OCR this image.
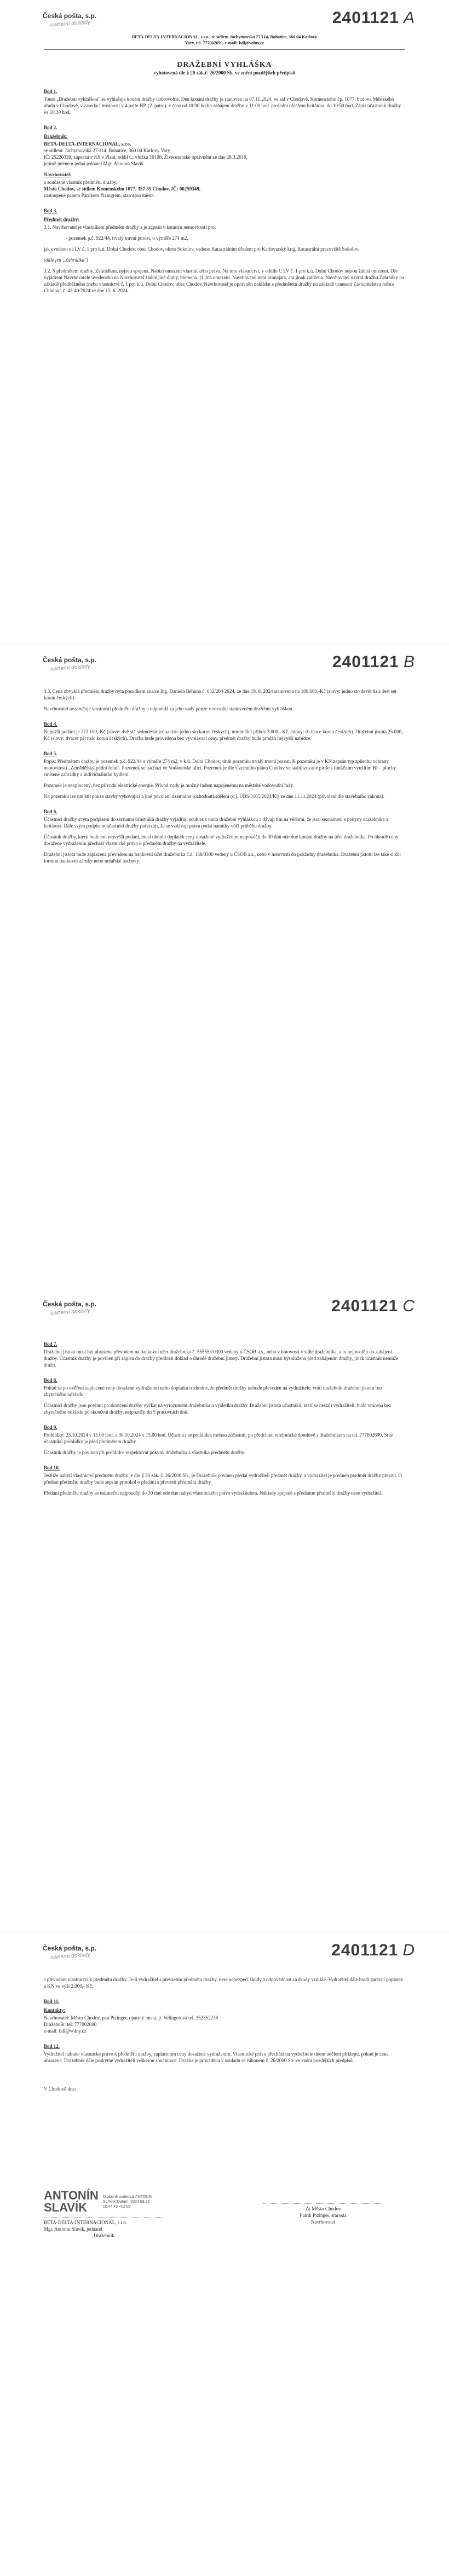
Česká pošta, s.p.
ownerní doklady	2401121 A
BETA-DELTA-INTERNACIONAL, s.r.o., se sídlem Jáchymovská 27/114, Bohatice, 360 04 Karlovy
Vary, tel. 777002690, e-mail: bdi@volny.cz
DRAŽEBNÍ VYHLÁŠKA
vyhotovená dle § 20 zák.č. 26/2000 Sb. ve znění pozdějších předpisů
Bod 1.

Touto „Dražební vyhláškou" se vyhlašuje konání dražby dobrovolné. Den konání dražby je stanoven na 07.11.2024, ve sál v Chodově, Komenského čp. 1077, budova Městského úřadu v Chodově, v zasedací místnosti v 4.patře NP, (2. patro), v čase od 10:00 hodin zahájení dražby v 11:00 hod. poslední ohlášení licitátora, do 10:50 hod. Zápis účastníků dražby ve 10.30 hod.

Bod 2.
Dražebník:

BETA-DELTA-INTERNACIONAL, s.r.o.

se sídlem: Jáchymovská 27/114, Bohatice, 360 04 Karlovy Vary,

IČ: 25220339, zapsaná v KS v Plzni, oddíl C, vložka 10198, Živnostenské oprávnění ze dne 28.3.2019,

jejímž jménem jedná jednatel Mgr. Antonín Slavík

Navrhovatel:

a současně vlastník předmětu dražby,

Město Chodov, se sídlem Komenského 1077, 357 35 Chodov, IČ: 00259349,

zastoupené panem Patrikem Pizingrem, starostou města.

Bod 3.
Předmět dražby:

3.1. Navrhovatel je vlastníkem předmětu dražby a je zapsán v katastru nemovitostí pro:

- pozemek p.č. 922/44, trvalý travní porost, o výměře 274 m2,

jak uvedeno na LV č. 1 pro k.ú. Dolní Chodov, obec Chodov, okres Sokolov, vedeno Katastrálním úřadem pro Karlovarský kraj, Katastrální pracoviště Sokolov.

(dále jen „Zahrádka")

3.2. S předmětem dražby. Zahrádkou, nejsou spojena. Nabízí omezení vlastnického práva. Na tuto vlastnictví, v oddíle C LV č. 1 pro k.ú. Dolní Chodov nejsou žádná omezení. Dle vyjádření Navrhovatele uvedeného na Navrhovatel žádné jiné dluhy, břemena, či jiná omezení. Navrhovatel není pronajata, ani jinak zatížena. Navrhovatel navrhl dražbu Zahrádky na základě předběžného (nebo vlastnictví č. 1 pro k.ú. Dolní Chodov, obec Chodov. Navrhovatel je oprávněn nakládat s předmětem dražby na základě usnesení Zastupitelstva města Chodova č. 42-40/2024 ze dne 13. 6. 2024.

Česká pošta, s.p.
ownerní doklady	2401121 B

3.3. Cena obvyklá předmětu dražby byla posudkem znalce Ing. Daniela Běhuna č. 032/204/2024, ze dne 19. 8. 2024 stanovena na 109.600,-Kč (slovy: jedno sto devět tisíc šest set korun českých).

Navrhovatel nezaručuje vlastnosti předmětu dražby a odpovídá za jeho vady pouze v rozsahu stanoveném dražební vyhláškou.

Bod 4.

Nejnižší podání je 271.100,-Kč (slovy: dvě stě sedmdesát jedna tisíc jedno sto korun českých), minimální příhoz 3.000,- Kč, (slovy: tři tisíce korun českých). Dražební jistota 25.000,- Kč (slovy: dvacet pět tisíc korun českých). Dražba bude provedena bez vyvolávací ceny, předmět dražby bude prodán nejvyšší nabídce.

Bod 5.

Popis: Předmětem dražby je pozemek p.č. 922/44 o výměře 274 m2, v k.ú. Dolní Chodov, druh pozemku trvalý travní porost. K pozemku je v KN zapsán typ způsobu ochrany nemovitosti „Zemědělský půdní fond". Pozemek se nachází ve Vodárenské ulici. Pozemek je dle Územního plánu Chodov ve stabilizované ploše s funkčním využitím BI – plochy smíšené zahrádky a individuálního bydlení.

Pozemek je neoplocený, bez přívodu elektrické energie. Přívod vody je možný řadem napojenému na městské vodovodní řady.

Na pozemku lze umístit pouze stavby vyhovující a jiné povolení územního rozhodnutí/sdělení (č.j. ÚBS/3105/2024/Kl) ze dne 11.11.2024 (povolení dle stavebního zákona).

Bod 6.

Účastníci dražby svým podpisem do seznamu účastníků dražby vyjadřují souhlas s touto dražební vyhláškou a dávají tím na vědomí, že jsou seznámeni s pokyny dražebníka a licitátora. Dále svým podpisem účastníci dražby potvrzují, že se vzdávají práva podat námitky vůči průběhu dražby.

Účastník dražby, který bude mít nejvyšší podání, musí uhradit doplatek ceny dosažené vydražením nejpozději do 30 dnů ode dne konání dražby na účet dražebníka. Po úhradě ceny dosažené vydražením přechází vlastnické právo k předmětu dražby na vydražitele.

Dražební jistota bude zaplacena převodem na bankovní účet dražebníka č.ú. 168/0300 vedený u ČSOB a.s., nebo v hotovosti do pokladny dražebníka. Dražební jistotu lze také složit formou bankovní záruky nebo notářské úschovy.

Česká pošta, s.p.
ownerní doklady	2401121 C
Bod 7.

Dražební jistota musí být uhrazena převodem na bankovní účet dražebníka č. 555553/0300 vedený u ČSOB a.s., nebo v hotovosti v sídle dražebníka, a to nejpozději do zahájení dražby. Účastník dražby je povinen při zápisu do dražby předložit doklad o úhradě dražební jistoty. Dražební jistota musí být složena před zahájením dražby, jinak účastník nemůže dražit.

Bod 8.

Pokud se po ověření zaplacené ceny dosažené vydražením nebo doplatku rozhodne, že předmět dražby nebude převeden na vydražitele, vrátí dražebník dražební jistotu bez zbytečného odkladu.

Účastníci dražby jsou povinni po skončení dražby vyčkat na vyrozumění dražebníka o výsledku dražby. Dražební jistota účastníků, kteří se nestali vydražiteli, bude vrácena bez zbytečného odkladu po skončení dražby, nejpozději do 5 pracovních dnů.

Bod 9.

Prohlídky: 23.10.2024 v 15.00 hod. a 30.10.2024 v 15.00 hod. Účastníci se prohlídek mohou zúčastnit, po předchozí telefonické domluvě s dražebníkem na tel. 777002690. Sraz účastníků prohlídky je před předmětem dražby.

Účastník dražby je povinen při prohlídce respektovat pokyny dražebníka a vlastníka předmětu dražby.

Bod 10.

Jestliže nabytí vlastnictví předmětu dražby je dle § 30 zák. č. 26/2000 Sb., je Dražebník povinen předat vydražiteli předmět dražby, a vydražitel je povinen předmět dražby převzít. O předání předmětu dražby bude sepsán protokol o předání a převzetí předmětu dražby.

Předání předmětu dražby se uskuteční nejpozději do 30 dnů ode dne nabytí vlastnického práva vydražitelem. Náklady spojené s předáním předmětu dražby nese vydražitel.

Česká pošta, s.p.
ownerní doklady	2401121 D

s převodem vlastnictví k předmětu dražby. Je-li vydražitel s převzetím předmětu dražby, nese nebezpečí škody a odpovědnost za škody vzniklé. Vydražitel dále hradí správní poplatek a KN ve výši 2.000,- Kč.

Bod 11.
Kontakty:

Navrhovatel: Město Chodov, pan Pizinger, opatrný místa, p. Velingerová tel. 352352236

Dražebník: tel. 777002690

e-mail: bdi@volny.cz

Bod 12.

Vydražitel nabude vlastnické právo k předmětu dražby, zaplacením ceny dosažené vydražením. Vlastnické právo přechází na vydražitele dnem udělení příklepu, pokud je cena uhrazena. Dražebník dále poskytne vydražiteli veškerou součinnost. Dražba je prováděna v souladu se zákonem č. 26/2000 Sb. ve znění pozdějších předpisů.

V Chodově dne:

ANTONÍN SLAVÍK
Digitálně podepsal ANTONÍN SLAVÍK Datum: 2024.09.26 10:44:43 +02'00'
BETA-DELTA-INTERNACIONAL, s.r.o.
Mgr. Antonín Slavík, jednatel
Dražebník
Za Město Chodov
Patrik Pizinger, starosta
Navrhovatel
